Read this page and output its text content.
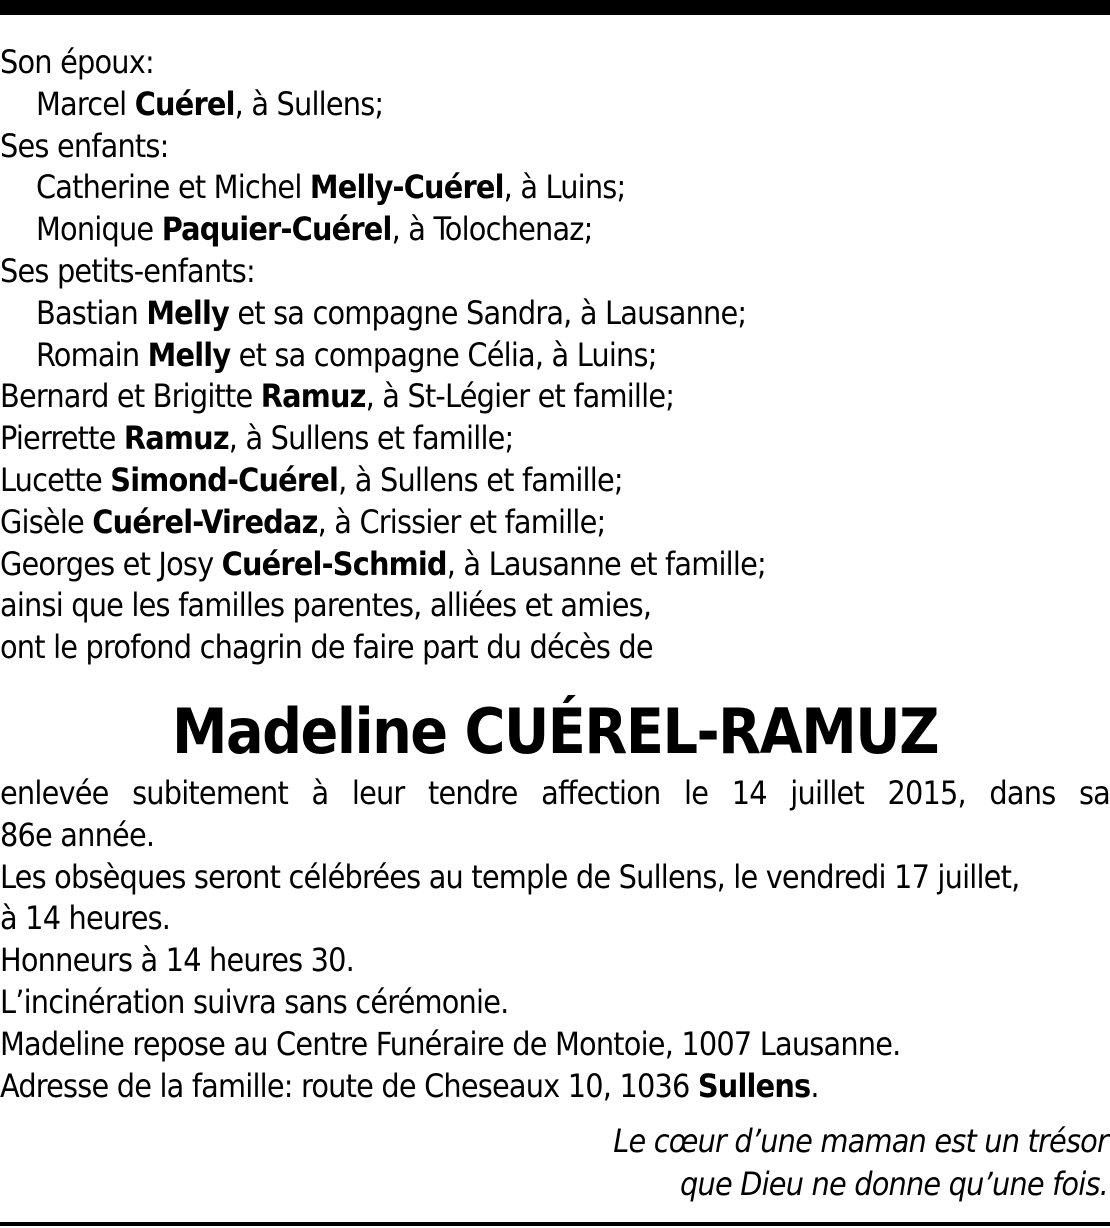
Son époux:
Marcel Cuérel, à Sullens;
Ses enfants:
Catherine et Michel Melly-Cuérel, à Luins;
Monique Paquier-Cuérel, à Tolochenaz;
Ses petits-enfants:
Bastian Melly et sa compagne Sandra, à Lausanne;
Romain Melly et sa compagne Célia, à Luins;
Bernard et Brigitte Ramuz, à St-Légier et famille;
Pierrette Ramuz, à Sullens et famille;
Lucette Simond-Cuérel, à Sullens et famille;
Gisèle Cuérel-Viredaz, à Crissier et famille;
Georges et Josy Cuérel-Schmid, à Lausanne et famille;
ainsi que les familles parentes, alliées et amies,
ont le profond chagrin de faire part du décès de
Madeline CUÉREL-RAMUZ
enlevée subitement à leur tendre affection le 14 juillet 2015, dans sa
86e année.
Les obsèques seront célébrées au temple de Sullens, le vendredi 17 juillet,
à 14 heures.
Honneurs à 14 heures 30.
L’incinération suivra sans cérémonie.
Madeline repose au Centre Funéraire de Montoie, 1007 Lausanne.
Adresse de la famille: route de Cheseaux 10, 1036 Sullens.
Le cœur d’une maman est un trésor
que Dieu ne donne qu’une fois.
